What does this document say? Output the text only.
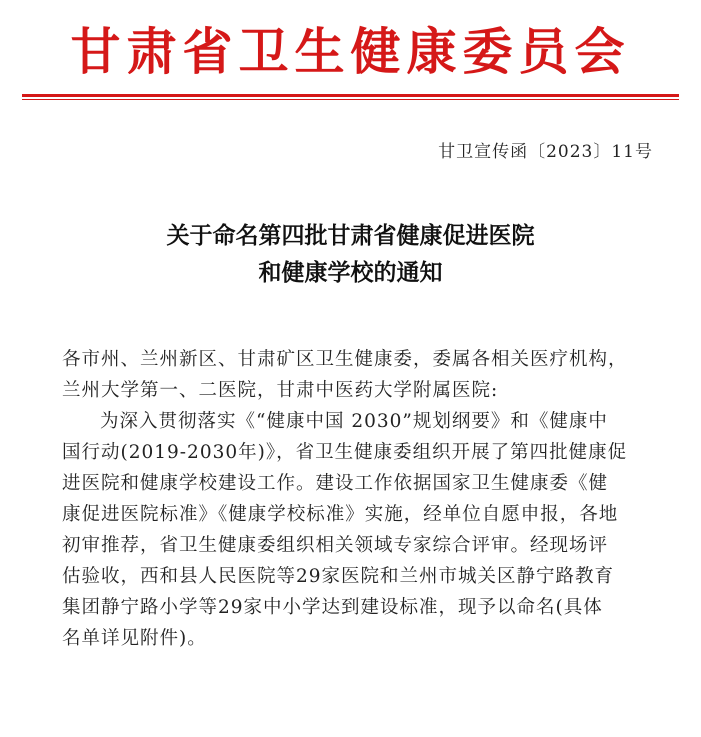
甘肃省卫生健康委员会
甘卫宣传函〔2023〕11号
关于命名第四批甘肃省健康促进医院
和健康学校的通知

各市州、兰州新区、甘肃矿区卫生健康委，委属各相关医疗机构，

兰州大学第一、二医院，甘肃中医药大学附属医院:

为深入贯彻落实《“健康中国 2030”规划纲要》和《健康中

国行动(2019-2030年)》，省卫生健康委组织开展了第四批健康促

进医院和健康学校建设工作。建设工作依据国家卫生健康委《健

康促进医院标准》《健康学校标准》实施，经单位自愿申报，各地

初审推荐，省卫生健康委组织相关领域专家综合评审。经现场评

估验收，西和县人民医院等29家医院和兰州市城关区静宁路教育

集团静宁路小学等29家中小学达到建设标准，现予以命名(具体

名单详见附件)。
